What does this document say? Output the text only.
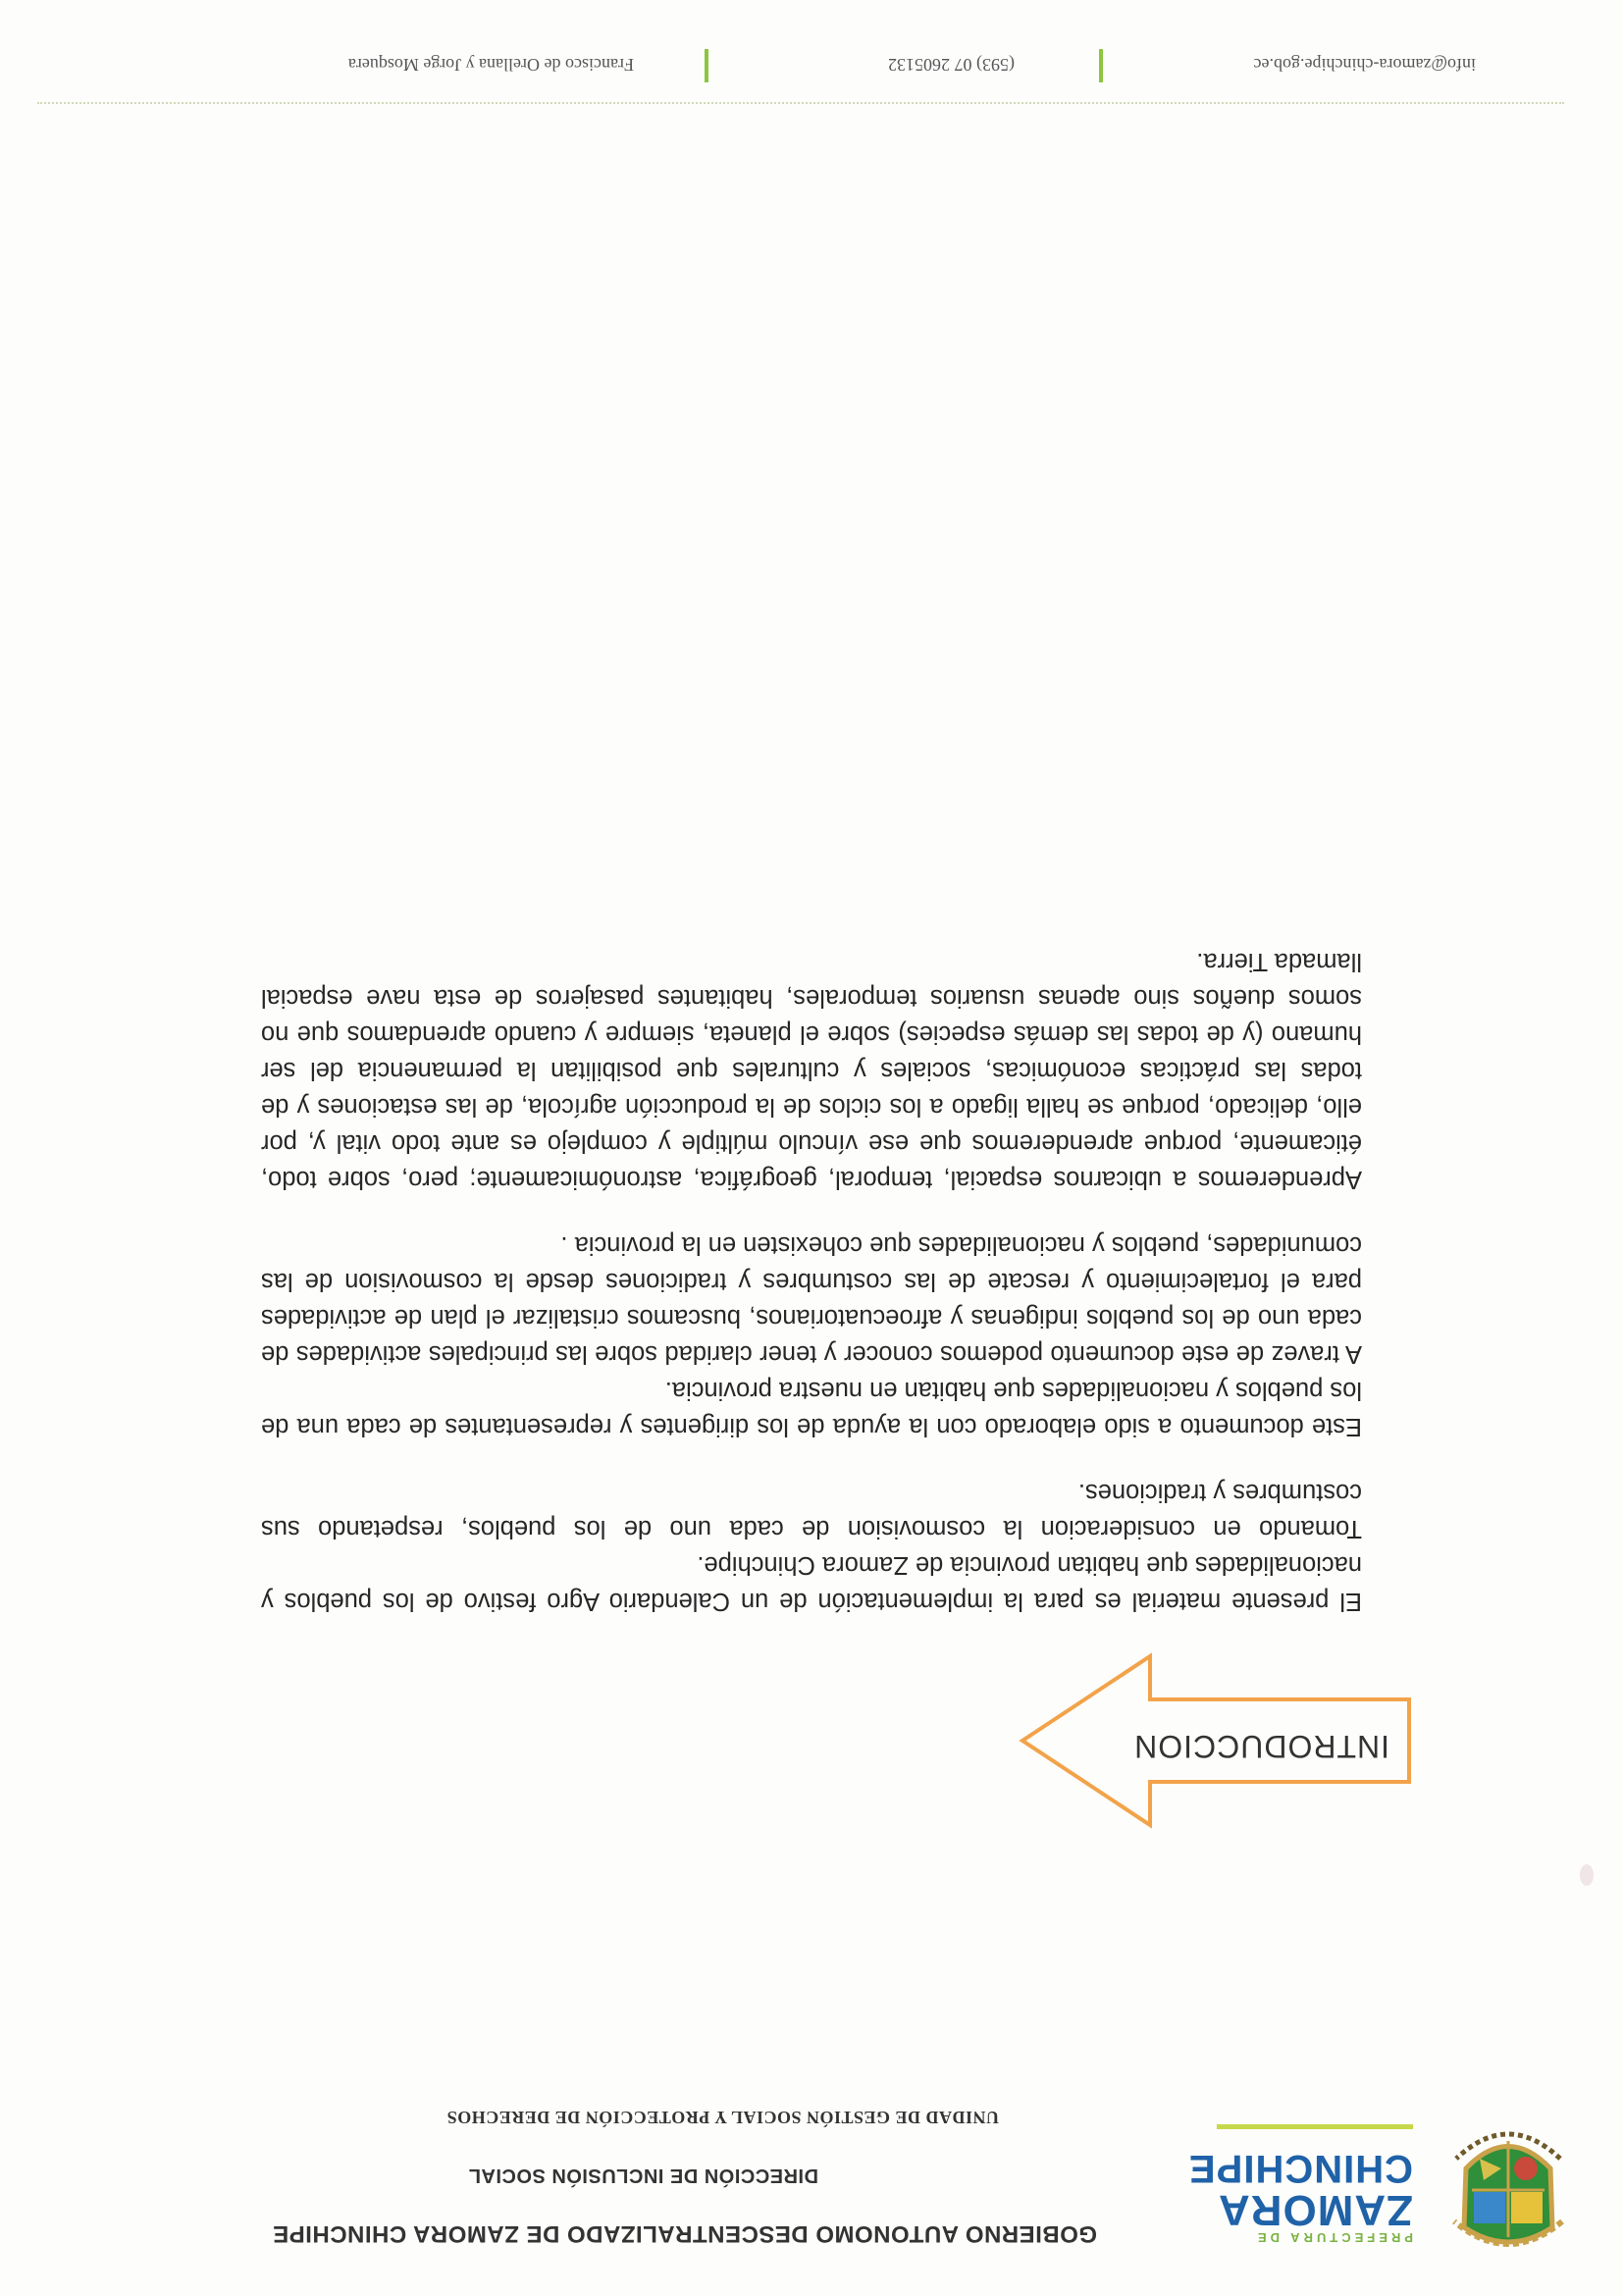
PREFECTURA DE
ZAMORA
CHINCHIPE
GOBIERNO AUTONOMO DESCENTRALIZADO DE ZAMORA CHINCHIPE
DIRECCIÓN DE INCLUSIÓN SOCIAL
UNIDAD DE GESTIÓN SOCIAL Y PROTECCIÓN DE DERECHOS
INTRODUCCION

El presente material es para la implementación de un Calendario Agro festivo de los pueblos y nacionalidades que habitan provincia de Zamora Chinchipe.

Tomando en consideracion la cosmovision de cada uno de los pueblos, respetando sus costumbres y tradiciones.

Este documento a sido elaborado con la ayuda de los dirigentes y representantes de cada una de los pueblos y nacionalidades que habitan en nuestra provincia.

A travez de este documento podemos conocer y tener claridad sobre las principales actividades de cada uno de los pueblos indigenas y afroecuatorianos, buscamos cristalizar el plan de actividades para el fortalecimiento y rescate de las costumbres y tradiciones desde la cosmovision de las comunidades, pueblos y nacionalidades que cohexisten en la provincia .

Aprenderemos a ubicarnos espacial, temporal, geográfica, astronómicamente; pero, sobre todo, éticamente, porque aprenderemos que ese vínculo múltiple y complejo es ante todo vital y, por ello, delicado, porque se halla ligado a los ciclos de la producción agrícola, de las estaciones y de todas las prácticas económicas, sociales y culturales que posibilitan la permanencia del ser humano (y de todas las demás especies) sobre el planeta, siempre y cuando aprendamos que no somos dueños sino apenas usuarios temporales, habitantes pasajeros de esta nave espacial llamada Tierra.

info@zamora-chinchipe.gob.ec
(593) 07 2605132
Francisco de Orellana y Jorge Mosquera
